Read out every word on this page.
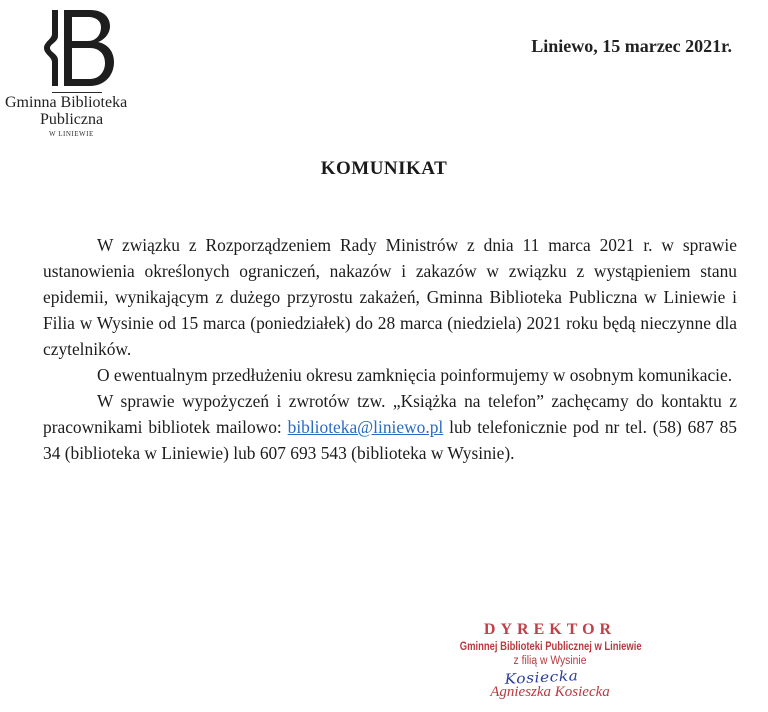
Gminna Biblioteka
Publiczna
W LINIEWIE
Liniewo, 15 marzec 2021r.
KOMUNIKAT

W związku z Rozporządzeniem Rady Ministrów z dnia 11 marca 2021 r. w sprawie ustanowienia określonych ograniczeń, nakazów i zakazów w związku z wystąpieniem stanu epidemii, wynikającym z dużego przyrostu zakażeń, Gminna Biblioteka Publiczna w Liniewie i Filia w Wysinie od 15 marca (poniedziałek) do 28 marca (niedziela) 2021 roku będą nieczynne dla czytelników.

O ewentualnym przedłużeniu okresu zamknięcia poinformujemy w osobnym komunikacie.

W sprawie wypożyczeń i zwrotów tzw. „Książka na telefon” zachęcamy do kontaktu z pracownikami bibliotek mailowo: biblioteka@liniewo.pl lub telefonicznie pod nr tel. (58) 687 85 34 (biblioteka w Liniewie) lub 607 693 543 (biblioteka w Wysinie).

DYREKTOR
Gminnej Biblioteki Publicznej w Liniewie
z filią w Wysinie
Kosiecka
Agnieszka Kosiecka
